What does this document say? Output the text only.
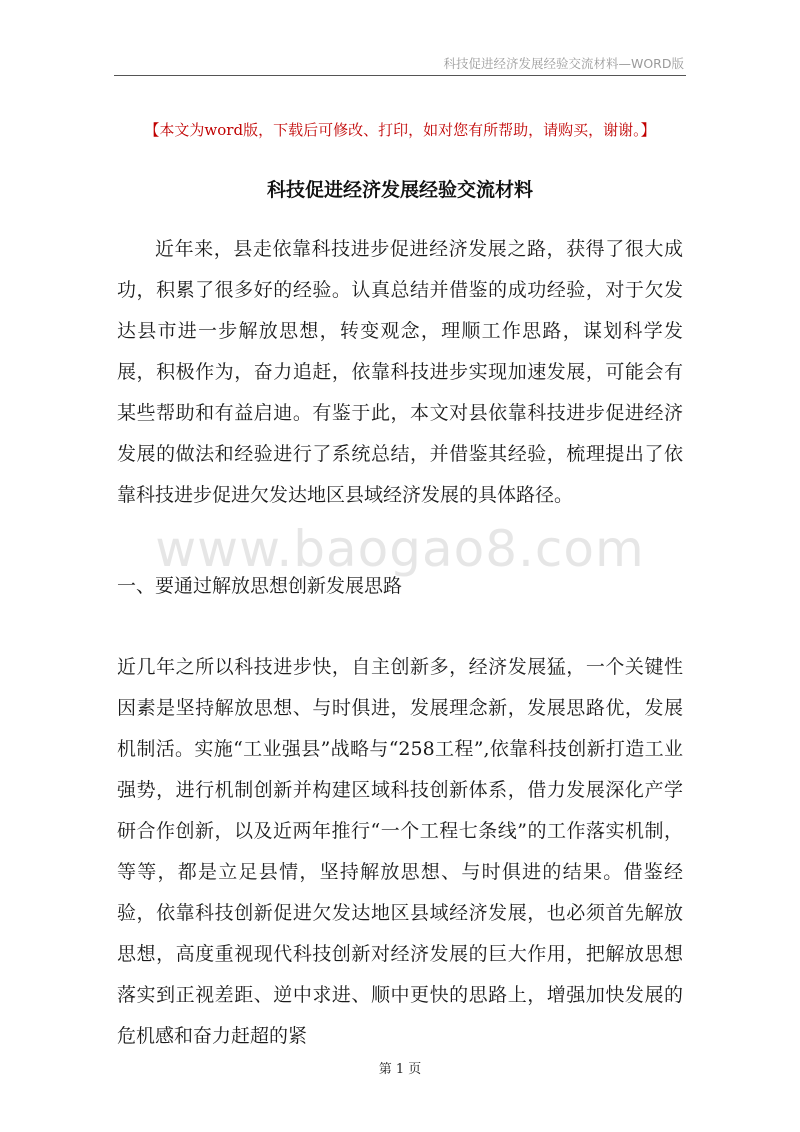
科技促进经济发展经验交流材料—WORD版
【本文为word版，下载后可修改、打印，如对您有所帮助，请购买，谢谢。】
科技促进经济发展经验交流材料

近年来，县走依靠科技进步促进经济发展之路，获得了很大成功，积累了很多好的经验。认真总结并借鉴的成功经验，对于欠发达县市进一步解放思想，转变观念，理顺工作思路，谋划科学发展，积极作为，奋力追赶，依靠科技进步实现加速发展，可能会有某些帮助和有益启迪。有鉴于此，本文对县依靠科技进步促进经济发展的做法和经验进行了系统总结，并借鉴其经验，梳理提出了依靠科技进步促进欠发达地区县域经济发展的具体路径。

www.baogao8.com
一、要通过解放思想创新发展思路

近几年之所以科技进步快，自主创新多，经济发展猛，一个关键性因素是坚持解放思想、与时俱进，发展理念新，发展思路优，发展机制活。实施“工业强县”战略与“258工程”,依靠科技创新打造工业强势，进行机制创新并构建区域科技创新体系，借力发展深化产学研合作创新，以及近两年推行“一个工程七条线”的工作落实机制，等等，都是立足县情，坚持解放思想、与时俱进的结果。借鉴经验，依靠科技创新促进欠发达地区县域经济发展，也必须首先解放思想，高度重视现代科技创新对经济发展的巨大作用，把解放思想落实到正视差距、逆中求进、顺中更快的思路上，增强加快发展的危机感和奋力赶超的紧

第 1 页
